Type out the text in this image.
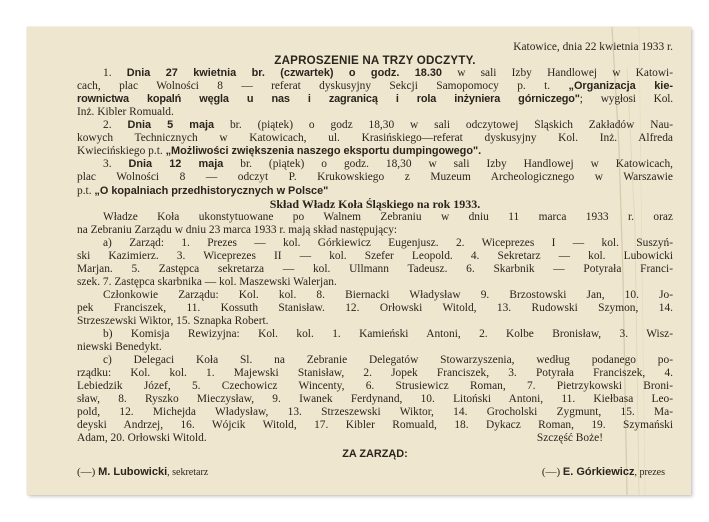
Katowice, dnia 22 kwietnia 1933 r.
ZAPROSZENIE NA TRZY ODCZYTY.
1. Dnia 27 kwietnia br. (czwartek) o godz. 18.30 w sali Izby Handlowej w Katowi-
cach, plac Wolności 8 — referat dyskusyjny Sekcji Samopomocy p. t. „Organizacja kie-
rownictwa kopalń węgla u nas i zagranicą i rola inżyniera górniczego"; wygłosi Kol.
Inż. Kibler Romuald.
2. Dnia 5 maja br. (piątek) o godz 18,30 w sali odczytowej Śląskich Zakładów Nau-
kowych Technicznych w Katowicach, ul. Krasińskiego—referat dyskusyjny Kol. Inż. Alfreda
Kwiecińskiego p.t. „Możliwości zwiększenia naszego eksportu dumpingowego".
3. Dnia 12 maja br. (piątek) o godz. 18,30 w sali Izby Handlowej w Katowicach,
plac Wolności 8 — odczyt P. Krukowskiego z Muzeum Archeologicznego w Warszawie
p.t. „O kopalniach przedhistorycznych w Polsce"
Skład Władz Koła Śląskiego na rok 1933.
Władze Koła ukonstytuowane po Walnem Zebraniu w dniu 11 marca 1933 r. oraz
na Zebraniu Zarządu w dniu 23 marca 1933 r. mają skład następujący:
a) Zarząd: 1. Prezes — kol. Górkiewicz Eugenjusz. 2. Wiceprezes I — kol. Suszyń-
ski Kazimierz. 3. Wiceprezes II — kol. Szefer Leopold. 4. Sekretarz — kol. Lubowicki
Marjan. 5. Zastępca sekretarza — kol. Ullmann Tadeusz. 6. Skarbnik — Potyrała Franci-
szek. 7. Zastępca skarbnika — kol. Maszewski Walerjan.
Członkowie Zarządu: Kol. kol. 8. Biernacki Władysław 9. Brzostowski Jan, 10. Jo-
pek Franciszek, 11. Kossuth Stanisław. 12. Orłowski Witold, 13. Rudowski Szymon, 14.
Strzeszewski Wiktor, 15. Sznapka Robert.
b) Komisja Rewizyjna: Kol. kol. 1. Kamieński Antoni, 2. Kolbe Bronisław, 3. Wisz-
niewski Benedykt.
c) Delegaci Koła Śl. na Zebranie Delegatów Stowarzyszenia, według podanego po-
rządku: Kol. kol. 1. Majewski Stanisław, 2. Jopek Franciszek, 3. Potyrała Franciszek, 4.
Lebiedzik Józef, 5. Czechowicz Wincenty, 6. Strusiewicz Roman, 7. Pietrzykowski Broni-
sław, 8. Ryszko Mieczysław, 9. Iwanek Ferdynand, 10. Litoński Antoni, 11. Kiełbasa Leo-
pold, 12. Michejda Władysław, 13. Strzeszewski Wiktor, 14. Grocholski Zygmunt, 15. Ma-
deyski Andrzej, 16. Wójcik Witold, 17. Kibler Romuald, 18. Dykacz Roman, 19. Szymański
Adam, 20. Orłowski Witold.	Szczęść Boże!
ZA ZARZĄD:
(—) M. Lubowicki, sekretarz	(—) E. Górkiewicz, prezes
